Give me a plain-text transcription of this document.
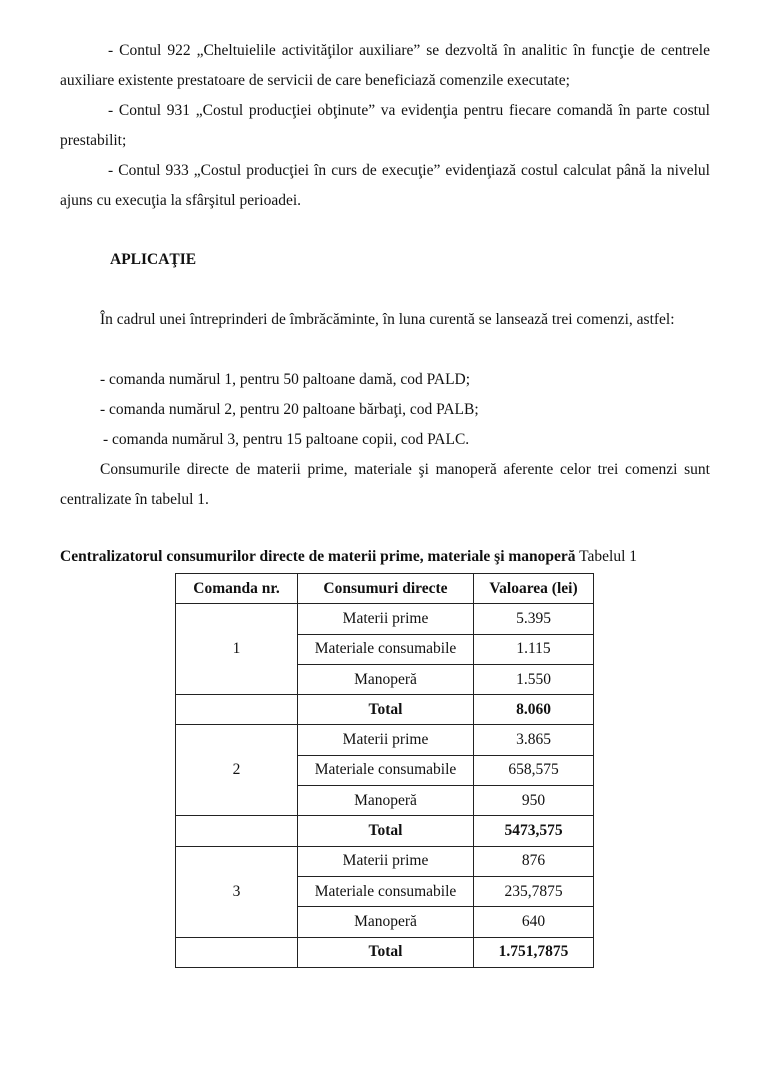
- Contul 922 „Cheltuielile activităţilor auxiliare” se dezvoltă în analitic în funcţie de centrele auxiliare existente prestatoare de servicii de care beneficiază comenzile executate;

- Contul 931 „Costul producţiei obţinute” va evidenţia pentru fiecare comandă în parte costul prestabilit;

- Contul 933 „Costul producţiei în curs de execuţie” evidenţiază costul calculat până la nivelul ajuns cu execuţia la sfârşitul perioadei.

APLICAŢIE

În cadrul unei întreprinderi de îmbrăcăminte, în luna curentă se lansează trei comenzi, astfel:

- comanda numărul 1, pentru 50 paltoane damă, cod PALD;

- comanda numărul 2, pentru 20 paltoane bărbaţi, cod PALB;

- comanda numărul 3, pentru 15 paltoane copii, cod PALC.

Consumurile directe de materii prime, materiale şi manoperă aferente celor trei comenzi sunt centralizate în tabelul 1.

Centralizatorul consumurilor directe de materii prime, materiale şi manoperă Tabelul 1
Comanda nr.	Consumuri directe	Valoarea (lei)
1	Materii prime	5.395
	Materiale consumabile	1.115
	Manoperă	1.550
	Total	8.060
2	Materii prime	3.865
	Materiale consumabile	658,575
	Manoperă	950
	Total	5473,575
3	Materii prime	876
	Materiale consumabile	235,7875
	Manoperă	640
	Total	1.751,7875
